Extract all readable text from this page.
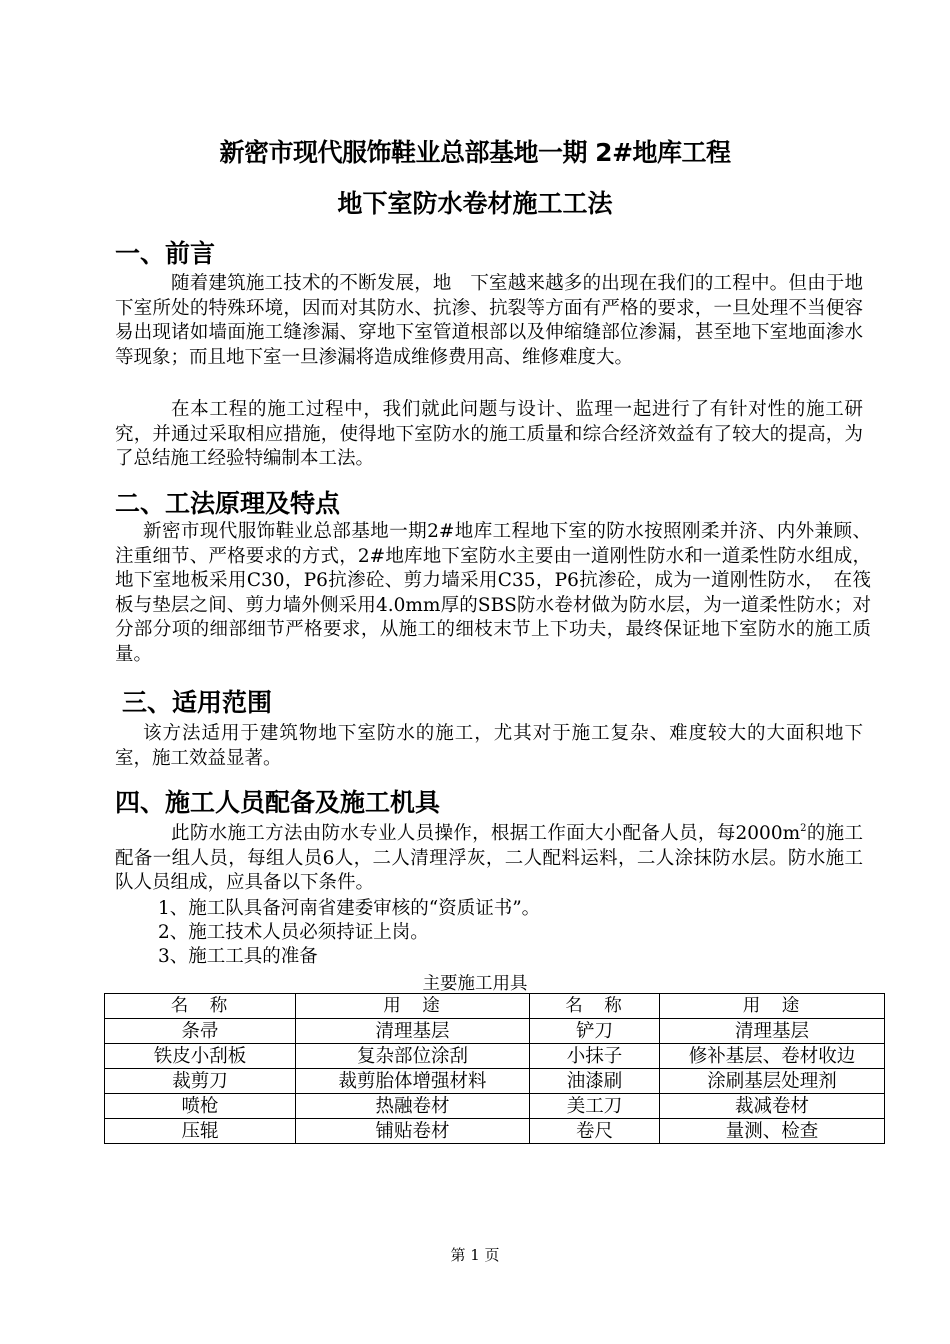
新密市现代服饰鞋业总部基地一期 2#地库工程
地下室防水卷材施工工法
一、前言
随着建筑施工技术的不断发展，地　下室越来越多的出现在我们的工程中。但由于地下室所处的特殊环境，因而对其防水、抗渗、抗裂等方面有严格的要求，一旦处理不当便容易出现诸如墙面施工缝渗漏、穿地下室管道根部以及伸缩缝部位渗漏，甚至地下室地面渗水等现象；而且地下室一旦渗漏将造成维修费用高、维修难度大。
在本工程的施工过程中，我们就此问题与设计、监理一起进行了有针对性的施工研究，并通过采取相应措施，使得地下室防水的施工质量和综合经济效益有了较大的提高，为了总结施工经验特编制本工法。
二、工法原理及特点
新密市现代服饰鞋业总部基地一期2#地库工程地下室的防水按照刚柔并济、内外兼顾、注重细节、严格要求的方式，2#地库地下室防水主要由一道刚性防水和一道柔性防水组成，地下室地板采用C30，P6抗渗砼、剪力墙采用C35，P6抗渗砼，成为一道刚性防水，　在筏板与垫层之间、剪力墙外侧采用4.0mm厚的SBS防水卷材做为防水层，为一道柔性防水；对分部分项的细部细节严格要求，从施工的细枝末节上下功夫，最终保证地下室防水的施工质量。
三、适用范围
该方法适用于建筑物地下室防水的施工，尤其对于施工复杂、难度较大的大面积地下室，施工效益显著。
四、施工人员配备及施工机具
此防水施工方法由防水专业人员操作，根据工作面大小配备人员，每$2000m^2$的施工配备一组人员，每组人员6人，二人清理浮灰，二人配料运料，二人涂抹防水层。防水施工队人员组成，应具备以下条件。
1、施工队具备河南省建委审核的“资质证书”。
2、施工技术人员必须持证上岗。
3、施工工具的准备
主要施工用具
名　称	用　途	名　称	用　途
条帚	清理基层	铲刀	清理基层
铁皮小刮板	复杂部位涂刮	小抹子	修补基层、卷材收边
裁剪刀	裁剪胎体增强材料	油漆刷	涂刷基层处理剂
喷枪	热融卷材	美工刀	裁减卷材
压辊	铺贴卷材	卷尺	量测、检查
第 1 页
